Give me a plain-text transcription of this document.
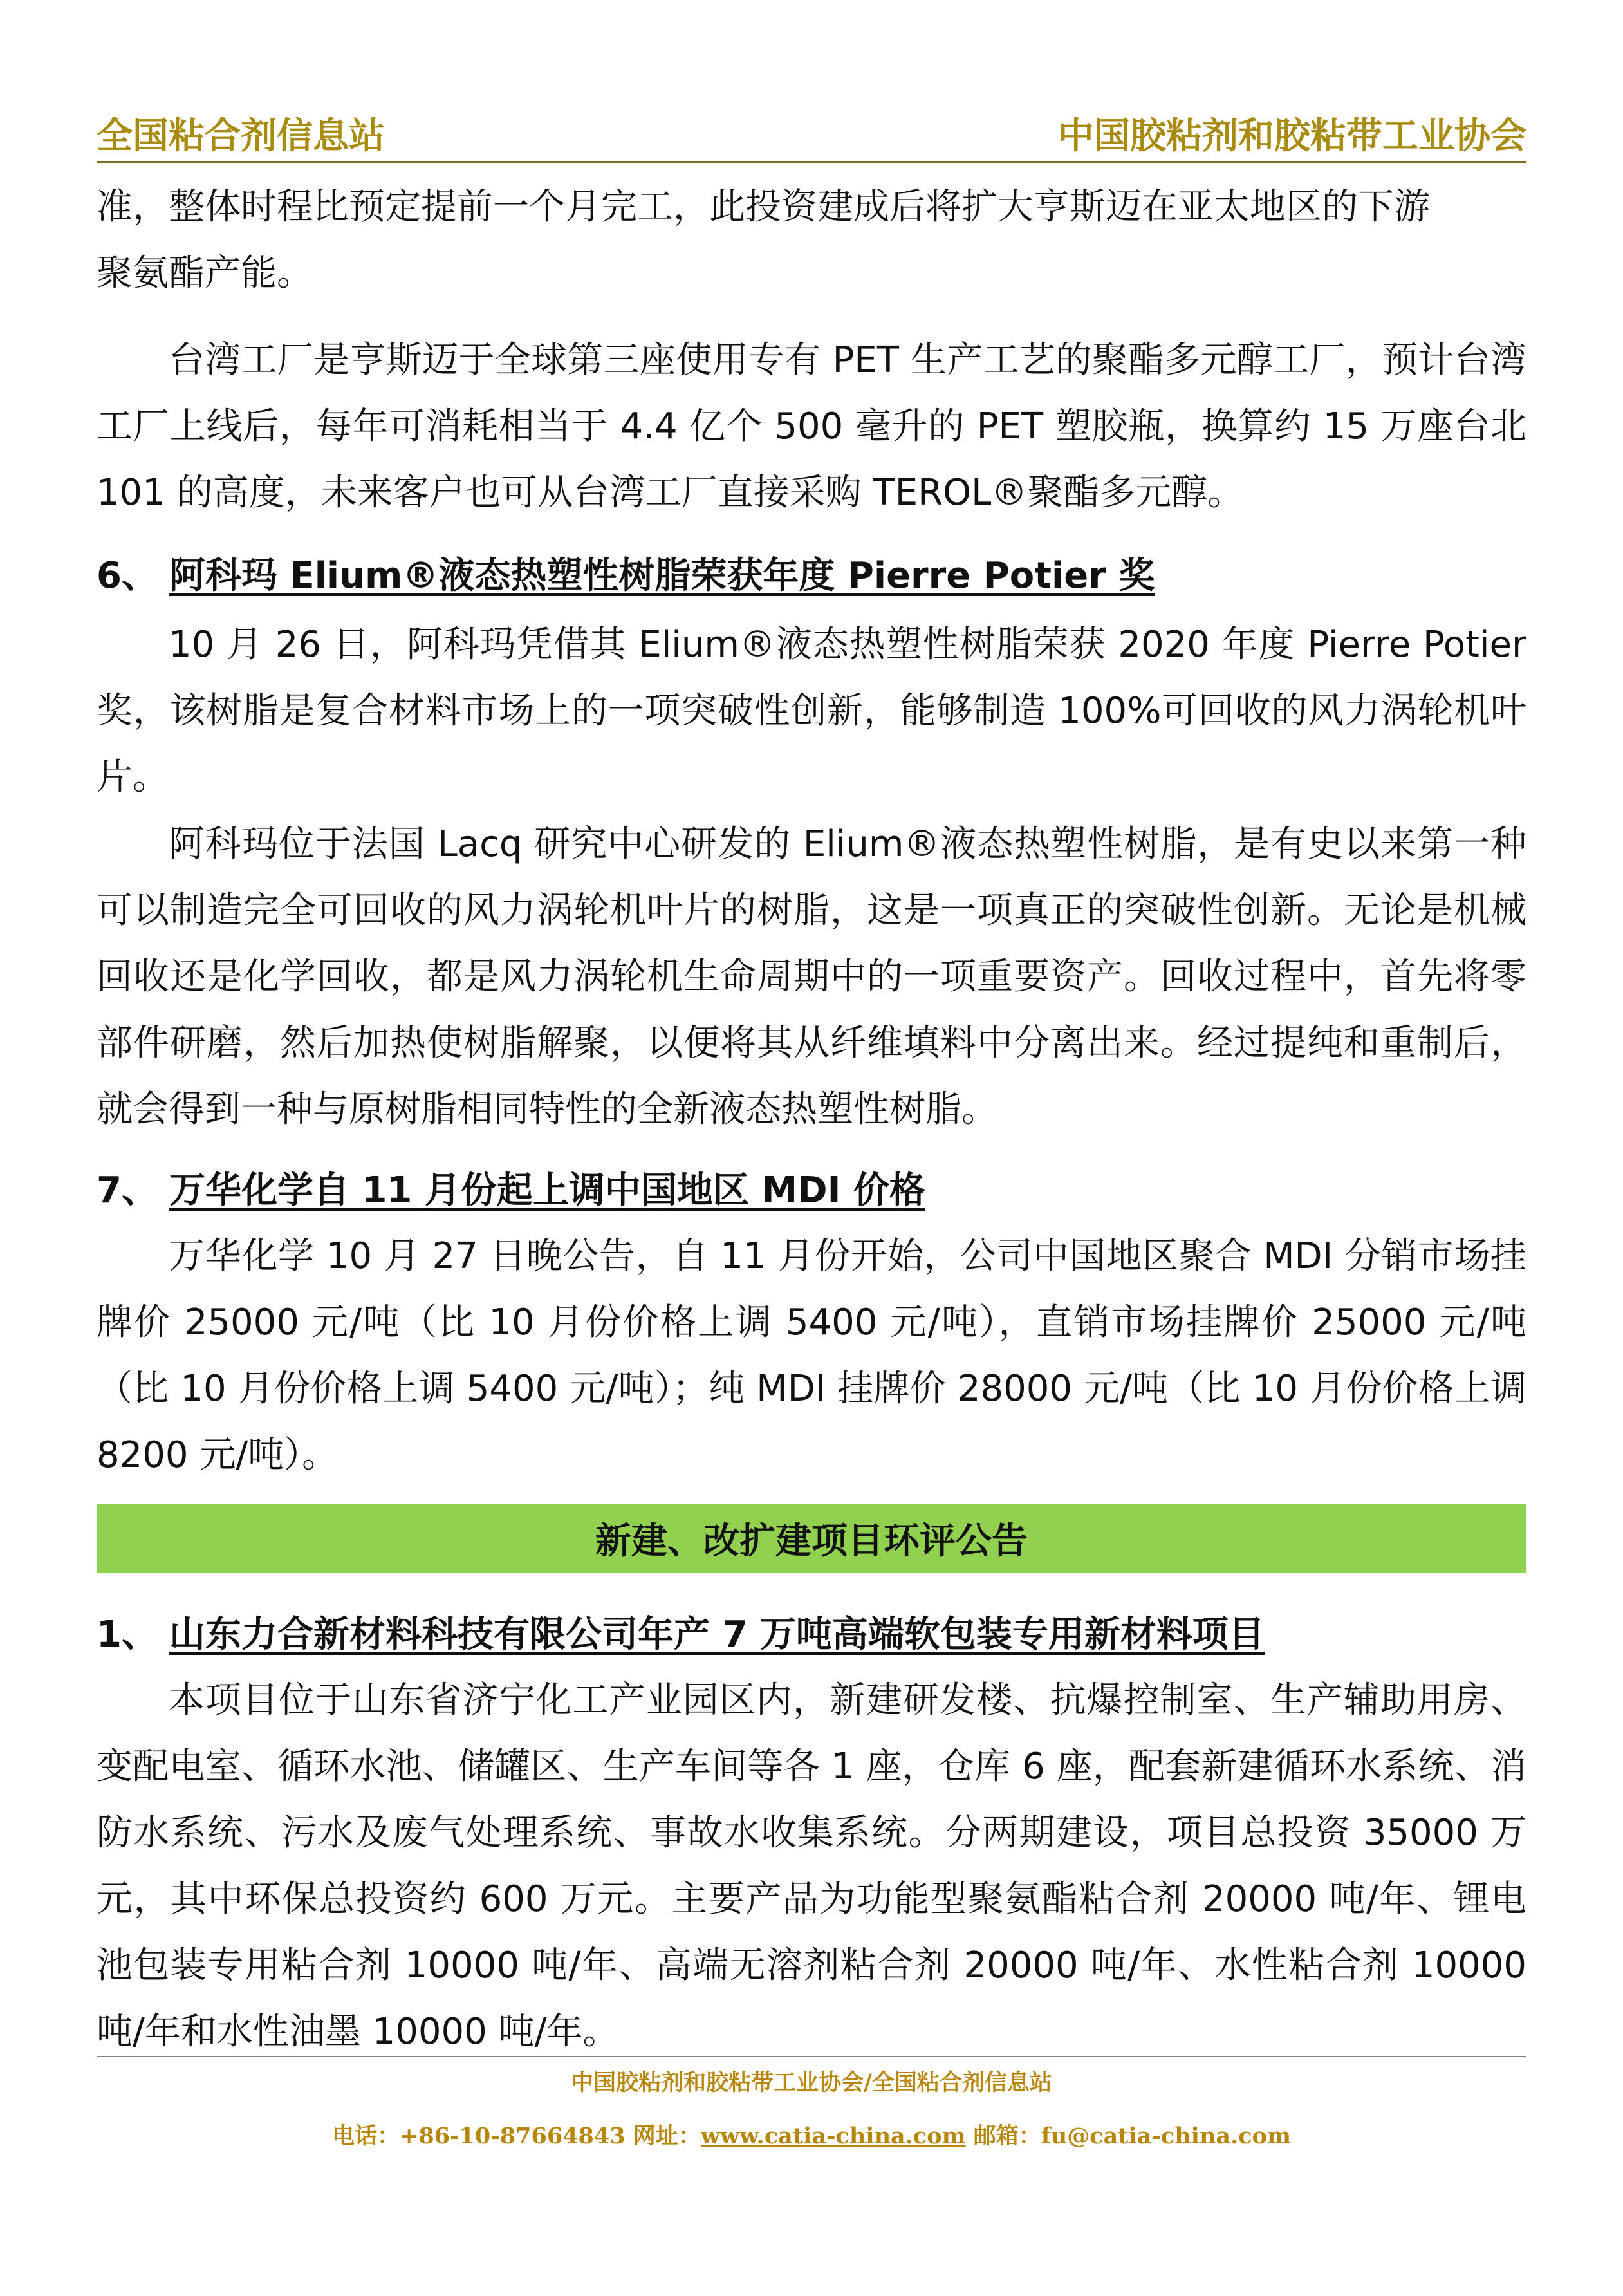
全国粘合剂信息站	中国胶粘剂和胶粘带工业协会

准，整体时程比预定提前一个月完工，此投资建成后将扩大亨斯迈在亚太地区的下游

聚氨酯产能。

台湾工厂是亨斯迈于全球第三座使用专有 PET 生产工艺的聚酯多元醇工厂，预计台湾工厂上线后，每年可消耗相当于 4.4 亿个 500 毫升的 PET 塑胶瓶，换算约 15 万座台北 101 的高度，未来客户也可从台湾工厂直接采购 TEROL®聚酯多元醇。

6、 阿科玛 Elium®液态热塑性树脂荣获年度 Pierre Potier 奖

10 月 26 日，阿科玛凭借其 Elium®液态热塑性树脂荣获 2020 年度 Pierre Potier 奖，该树脂是复合材料市场上的一项突破性创新，能够制造 100%可回收的风力涡轮机叶片。

阿科玛位于法国 Lacq 研究中心研发的 Elium®液态热塑性树脂，是有史以来第一种可以制造完全可回收的风力涡轮机叶片的树脂，这是一项真正的突破性创新。无论是机械回收还是化学回收，都是风力涡轮机生命周期中的一项重要资产。回收过程中，首先将零部件研磨，然后加热使树脂解聚，以便将其从纤维填料中分离出来。经过提纯和重制后，就会得到一种与原树脂相同特性的全新液态热塑性树脂。

7、 万华化学自 11 月份起上调中国地区 MDI 价格

万华化学 10 月 27 日晚公告，自 11 月份开始，公司中国地区聚合 MDI 分销市场挂牌价 25000 元/吨（比 10 月份价格上调 5400 元/吨），直销市场挂牌价 25000 元/吨（比 10 月份价格上调 5400 元/吨）；纯 MDI 挂牌价 28000 元/吨（比 10 月份价格上调 8200 元/吨）。

1、 山东力合新材料科技有限公司年产 7 万吨高端软包装专用新材料项目

本项目位于山东省济宁化工产业园区内，新建研发楼、抗爆控制室、生产辅助用房、变配电室、循环水池、储罐区、生产车间等各 1 座，仓库 6 座，配套新建循环水系统、消防水系统、污水及废气处理系统、事故水收集系统。分两期建设，项目总投资 35000 万元，其中环保总投资约 600 万元。主要产品为功能型聚氨酯粘合剂 20000 吨/年、锂电池包装专用粘合剂 10000 吨/年、高端无溶剂粘合剂 20000 吨/年、水性粘合剂 10000 吨/年和水性油墨 10000 吨/年。

新建、改扩建项目环评公告
中国胶粘剂和胶粘带工业协会/全国粘合剂信息站
电话：+86-10-87664843 网址：www.catia-china.com 邮箱：fu@catia-china.com
